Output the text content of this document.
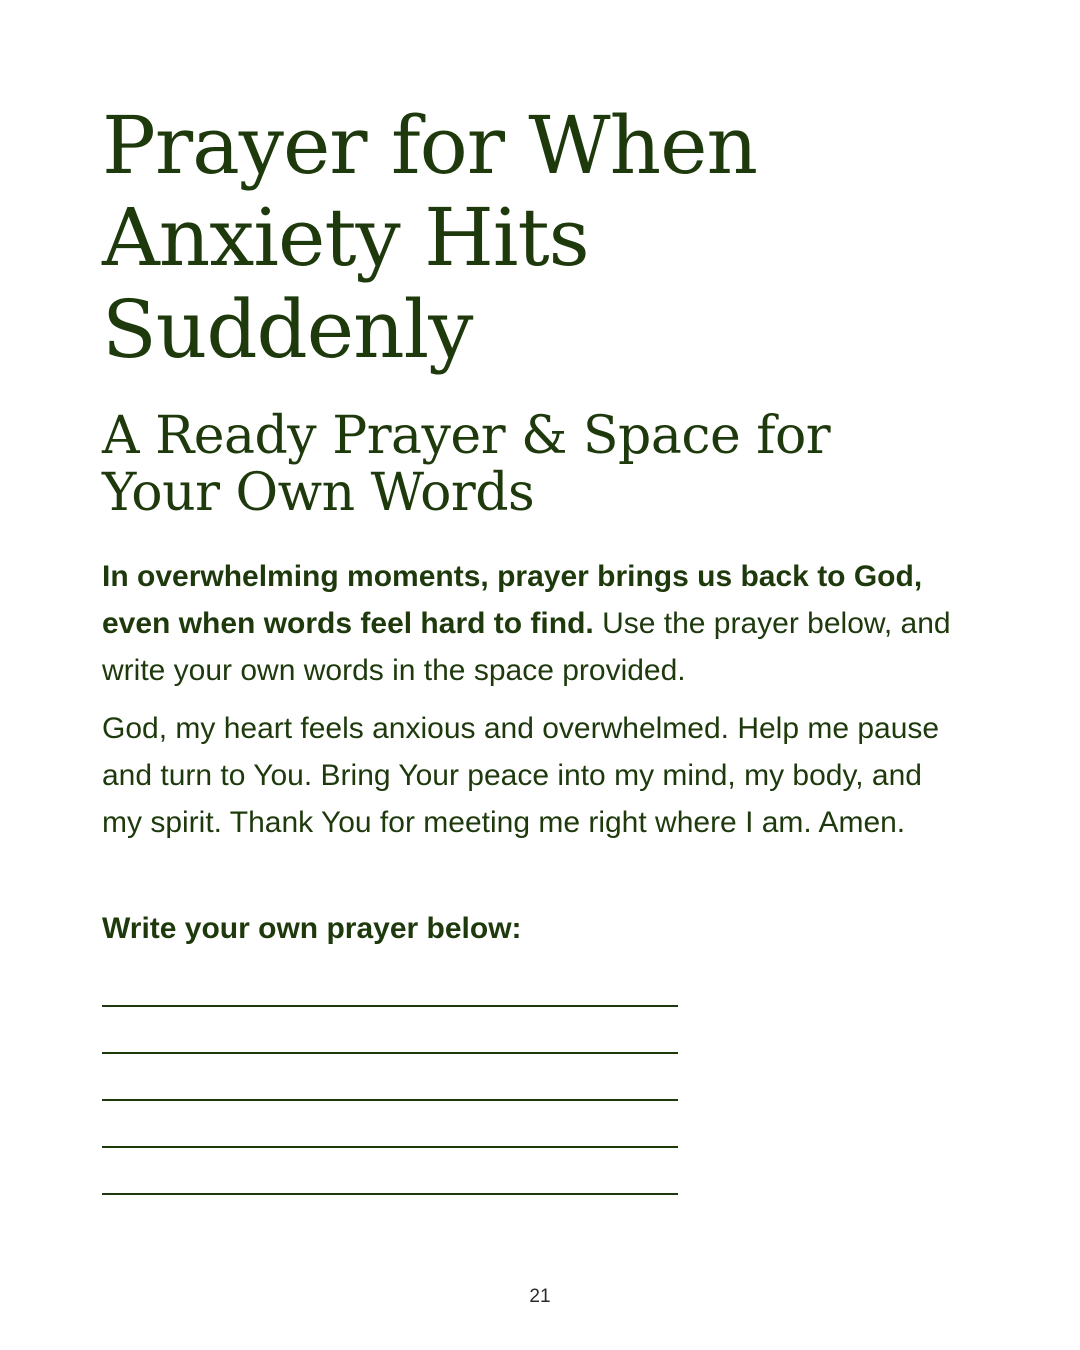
Prayer for When Anxiety Hits Suddenly
A Ready Prayer & Space for Your Own Words

In overwhelming moments, prayer brings us back to God, even when words feel hard to find. Use the prayer below, and write your own words in the space provided.

God, my heart feels anxious and overwhelmed. Help me pause and turn to You. Bring Your peace into my mind, my body, and my spirit. Thank You for meeting me right where I am. Amen.

Write your own prayer below:

21
